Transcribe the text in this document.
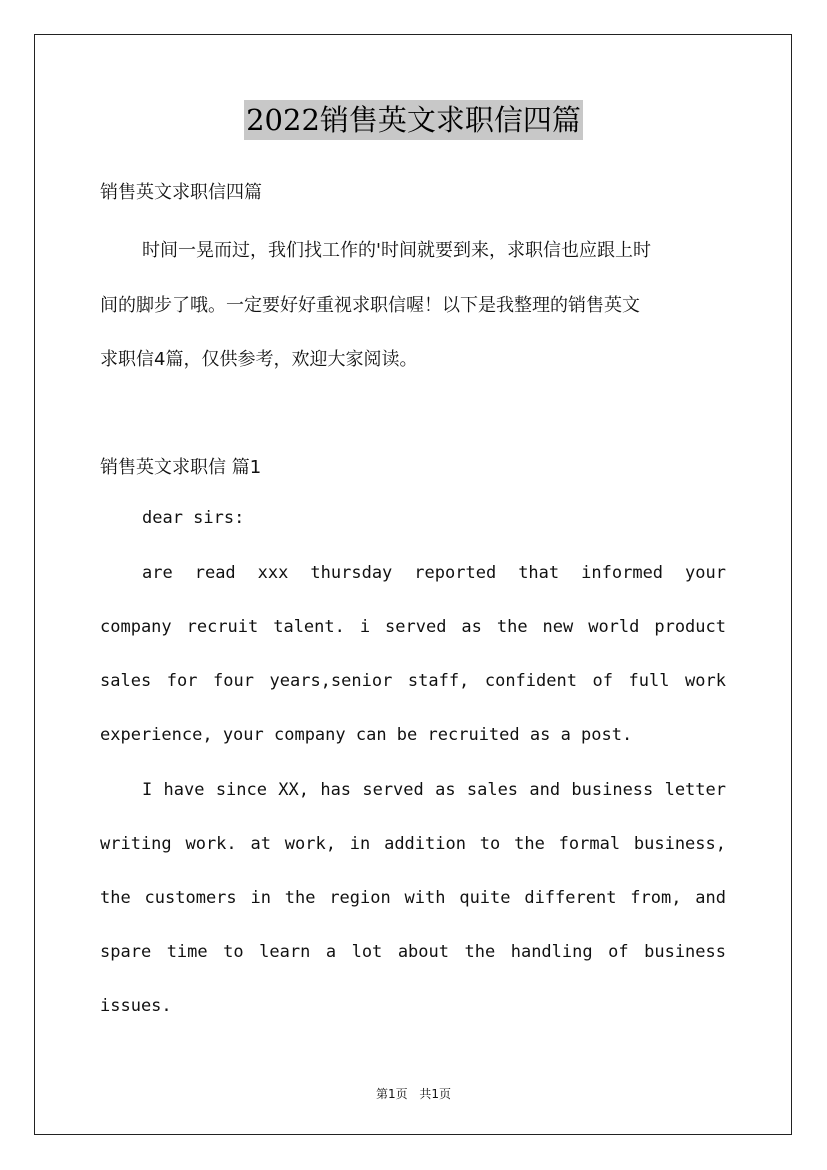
2022销售英文求职信四篇
销售英文求职信四篇
时间一晃而过，我们找工作的'时间就要到来，求职信也应跟上时
间的脚步了哦。一定要好好重视求职信喔！以下是我整理的销售英文
求职信4篇，仅供参考，欢迎大家阅读。
销售英文求职信 篇1
dear sirs:
are read xxx thursday reported that informed your
company recruit talent. i served as the new world product
sales for four years,senior staff, confident of full work
experience, your company can be recruited as a post.
I have since XX, has served as sales and business letter
writing work. at work, in addition to the formal business,
the customers in the region with quite different from, and
spare time to learn a lot about the handling of business
issues.
第1页 共1页
